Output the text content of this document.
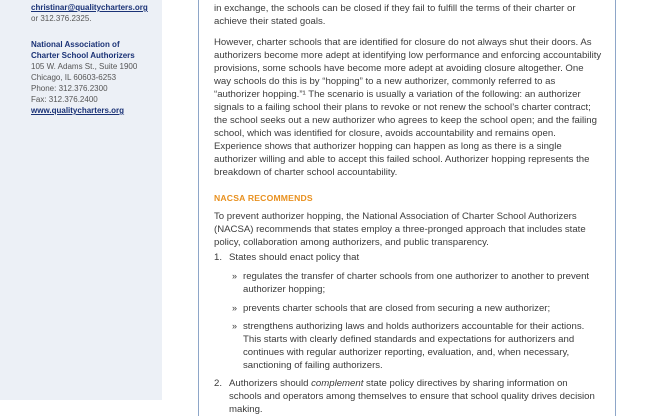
christinar@qualitycharters.org
or 312.376.2325.
National Association of
Charter School Authorizers
105 W. Adams St., Suite 1900
Chicago, IL 60603-6253
Phone: 312.376.2300
Fax: 312.376.2400
www.qualitycharters.org
in exchange, the schools can be closed if they fail to fulfill the terms of their charter or
achieve their stated goals.

However, charter schools that are identified for closure do not always shut their doors. As authorizers become more adept at identifying low performance and enforcing accountability provisions, some schools have become more adept at avoiding closure altogether. One way schools do this is by “hopping” to a new authorizer, commonly referred to as “authorizer hopping.”¹ The scenario is usually a variation of the following: an authorizer signals to a failing school their plans to revoke or not renew the school’s charter contract; the school seeks out a new authorizer who agrees to keep the school open; and the failing school, which was identified for closure, avoids accountability and remains open. Experience shows that authorizer hopping can happen as long as there is a single authorizer willing and able to accept this failed school. Authorizer hopping represents the breakdown of charter school accountability.

NACSA RECOMMENDS

To prevent authorizer hopping, the National Association of Charter School Authorizers (NACSA) recommends that states employ a three-pronged approach that includes state policy, collaboration among authorizers, and public transparency.

1. States should enact policy that
» regulates the transfer of charter schools from one authorizer to another to prevent authorizer hopping;
» prevents charter schools that are closed from securing a new authorizer;
» strengthens authorizing laws and holds authorizers accountable for their actions. This starts with clearly defined standards and expectations for authorizers and continues with regular authorizer reporting, evaluation, and, when necessary, sanctioning of failing authorizers.
2. Authorizers should complement state policy directives by sharing information on schools and operators among themselves to ensure that school quality drives decision making.
